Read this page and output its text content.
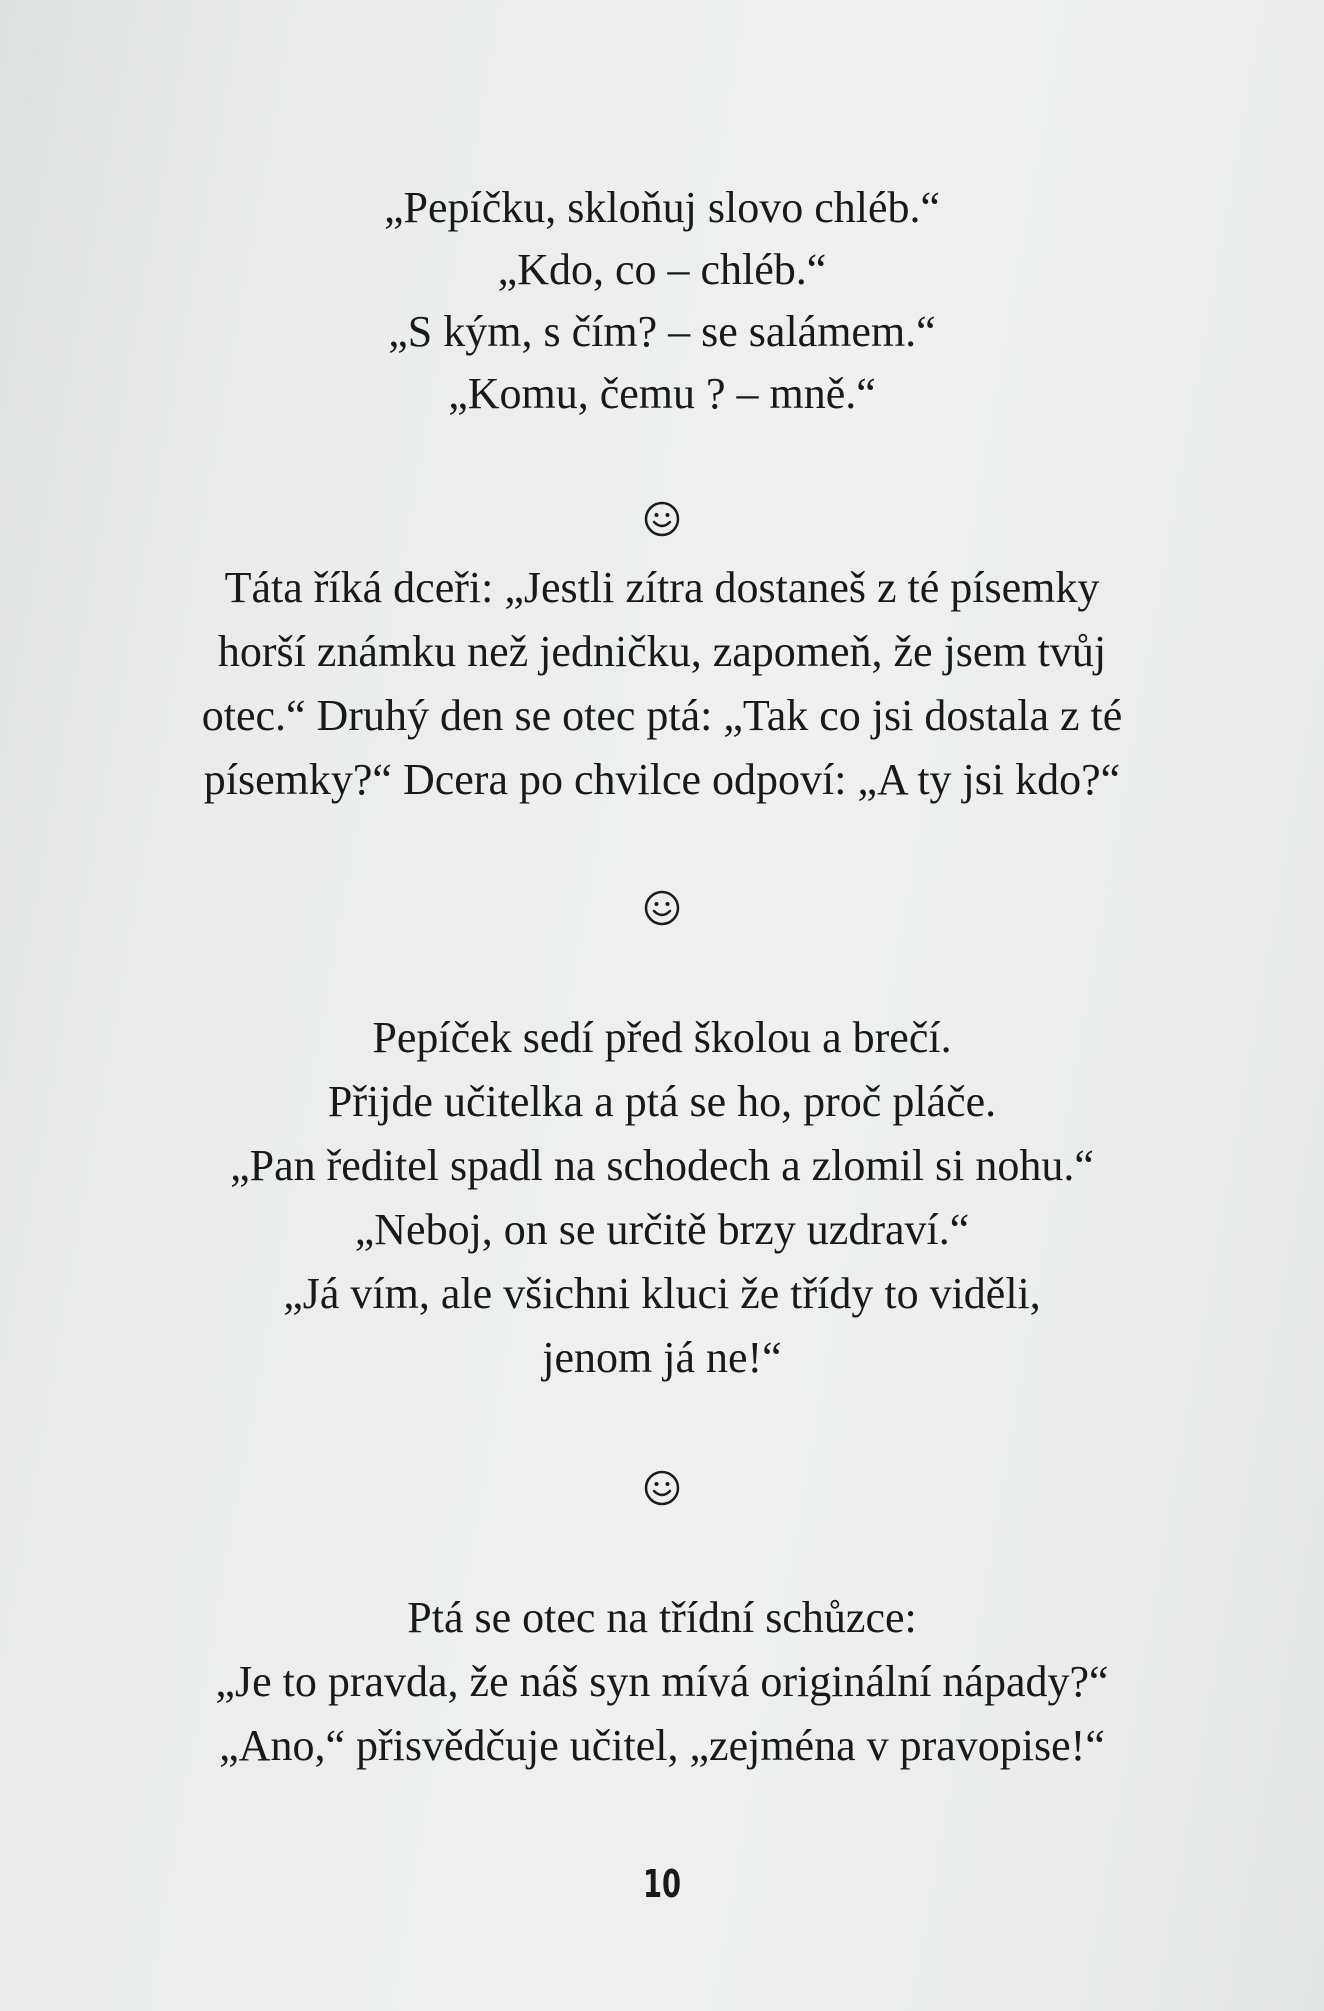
„Pepíčku, skloňuj slovo chléb.“
„Kdo, co – chléb.“
„S kým, s čím? – se salámem.“
„Komu, čemu ? – mně.“
Táta říká dceři: „Jestli zítra dostaneš z té písemky
horší známku než jedničku, zapomeň, že jsem tvůj
otec.“ Druhý den se otec ptá: „Tak co jsi dostala z té
písemky?“ Dcera po chvilce odpoví: „A ty jsi kdo?“
Pepíček sedí před školou a brečí.
Přijde učitelka a ptá se ho, proč pláče.
„Pan ředitel spadl na schodech a zlomil si nohu.“
„Neboj, on se určitě brzy uzdraví.“
„Já vím, ale všichni kluci že třídy to viděli,
jenom já ne!“
Ptá se otec na třídní schůzce:
„Je to pravda, že náš syn mívá originální nápady?“
„Ano,“ přisvědčuje učitel, „zejména v pravopise!“
10
